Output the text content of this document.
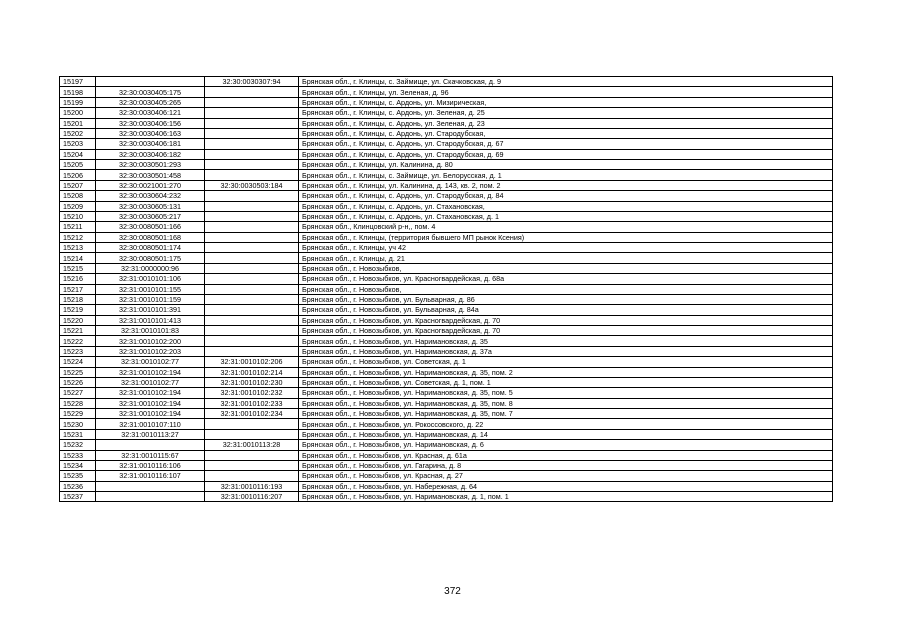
15197		32:30:0030307:94	Брянская обл., г. Клинцы, с. Займище, ул. Скачковская, д. 9
15198	32:30:0030405:175		Брянская обл., г. Клинцы, ул. Зеленая, д. 96
15199	32:30:0030405:265		Брянская обл., г. Клинцы, с. Ардонь, ул. Мизирическая,
15200	32:30:0030406:121		Брянская обл., г. Клинцы, с. Ардонь, ул. Зеленая, д. 25
15201	32:30:0030406:156		Брянская обл., г. Клинцы, с. Ардонь, ул. Зеленая, д. 23
15202	32:30:0030406:163		Брянская обл., г. Клинцы, с. Ардонь, ул. Стародубская,
15203	32:30:0030406:181		Брянская обл., г. Клинцы, с. Ардонь, ул. Стародубская, д. 67
15204	32:30:0030406:182		Брянская обл., г. Клинцы, с. Ардонь, ул. Стародубская, д. 69
15205	32:30:0030501:293		Брянская обл., г. Клинцы, ул. Калинина, д. 80
15206	32:30:0030501:458		Брянская обл., г. Клинцы, с. Займище, ул. Белорусская, д. 1
15207	32:30:0021001:270	32:30:0030503:184	Брянская обл., г. Клинцы, ул. Калинина, д. 143, кв. 2, пом. 2
15208	32:30:0030604:232		Брянская обл., г. Клинцы, с. Ардонь, ул. Стародубская, д. 84
15209	32:30:0030605:131		Брянская обл., г. Клинцы, с. Ардонь, ул. Стахановская,
15210	32:30:0030605:217		Брянская обл., г. Клинцы, с. Ардонь, ул. Стахановская, д. 1
15211	32:30:0080501:166		Брянская обл., Клинцовский р-н,, пом. 4
15212	32:30:0080501:168		Брянская обл., г. Клинцы, (территория бывшего МП рынок Ксения)
15213	32:30:0080501:174		Брянская обл., г. Клинцы, уч 42
15214	32:30:0080501:175		Брянская обл., г. Клинцы, д. 21
15215	32:31:0000000:96		Брянская обл., г. Новозыбков,
15216	32:31:0010101:106		Брянская обл., г. Новозыбков, ул. Красногвардейская, д. 68а
15217	32:31:0010101:155		Брянская обл., г. Новозыбков,
15218	32:31:0010101:159		Брянская обл., г. Новозыбков, ул. Бульварная, д. 86
15219	32:31:0010101:391		Брянская обл., г. Новозыбков, ул. Бульварная, д. 84а
15220	32:31:0010101:413		Брянская обл., г. Новозыбков, ул. Красногвардейская, д. 70
15221	32:31:0010101:83		Брянская обл., г. Новозыбков, ул. Красногвардейская, д. 70
15222	32:31:0010102:200		Брянская обл., г. Новозыбков, ул. Наримановская, д. 35
15223	32:31:0010102:203		Брянская обл., г. Новозыбков, ул. Наримановская, д. 37а
15224	32:31:0010102:77	32:31:0010102:206	Брянская обл., г. Новозыбков, ул. Советская, д. 1
15225	32:31:0010102:194	32:31:0010102:214	Брянская обл., г. Новозыбков, ул. Наримановская, д. 35, пом. 2
15226	32:31:0010102:77	32:31:0010102:230	Брянская обл., г. Новозыбков, ул. Советская, д. 1, пом. 1
15227	32:31:0010102:194	32:31:0010102:232	Брянская обл., г. Новозыбков, ул. Наримановская, д. 35, пом. 5
15228	32:31:0010102:194	32:31:0010102:233	Брянская обл., г. Новозыбков, ул. Наримановская, д. 35, пом. 8
15229	32:31:0010102:194	32:31:0010102:234	Брянская обл., г. Новозыбков, ул. Наримановская, д. 35, пом. 7
15230	32:31:0010107:110		Брянская обл., г. Новозыбков, ул. Рокоссовского, д. 22
15231	32:31:0010113:27		Брянская обл., г. Новозыбков, ул. Наримановская, д. 14
15232		32:31:0010113:28	Брянская обл., г. Новозыбков, ул. Наримановская, д. 6
15233	32:31:0010115:67		Брянская обл., г. Новозыбков, ул. Красная, д. 61а
15234	32:31:0010116:106		Брянская обл., г. Новозыбков, ул. Гагарина, д. 8
15235	32:31:0010116:107		Брянская обл., г. Новозыбков, ул. Красная, д. 27
15236		32:31:0010116:193	Брянская обл., г. Новозыбков, ул. Набережная, д. 64
15237		32:31:0010116:207	Брянская обл., г. Новозыбков, ул. Наримановская, д. 1, пом. 1
372
